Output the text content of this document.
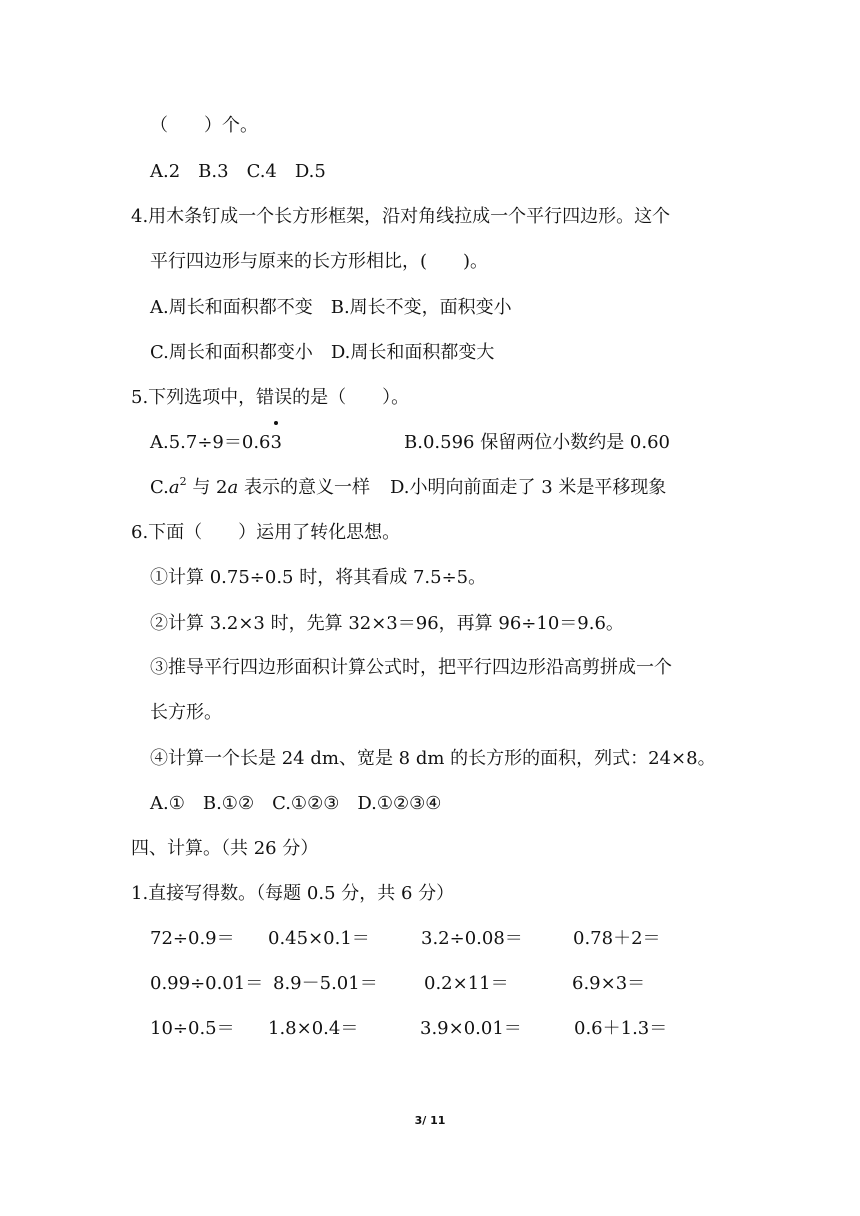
（　　）个。
A.2　B.3　C.4　D.5
4.用木条钉成一个长方形框架，沿对角线拉成一个平行四边形。这个
平行四边形与原来的长方形相比，(　　)。
A.周长和面积都不变　B.周长不变，面积变小
C.周长和面积都变小　D.周长和面积都变大
5.下列选项中，错误的是（　　）。
A.5.7÷9＝0.63	B.0.596 保留两位小数约是 0.60
$C.a^2$ 与 2a 表示的意义一样 D.小明向前面走了 3 米是平移现象
6.下面（　　）运用了转化思想。
①计算 0.75÷0.5 时，将其看成 7.5÷5。
②计算 3.2×3 时，先算 32×3＝96，再算 96÷10＝9.6。
③推导平行四边形面积计算公式时，把平行四边形沿高剪拼成一个
长方形。
④计算一个长是 24 dm、宽是 8 dm 的长方形的面积，列式：24×8。
A.①　B.①②　C.①②③　D.①②③④
四、计算。（共 26 分）
1.直接写得数。（每题 0.5 分，共 6 分）
72÷0.9＝ 0.45×0.1＝	3.2÷0.08＝	0.78＋2＝
0.99÷0.01＝ 8.9－5.01＝	0.2×11＝	6.9×3＝
10÷0.5＝ 1.8×0.4＝	3.9×0.01＝	0.6＋1.3＝
3/ 11
